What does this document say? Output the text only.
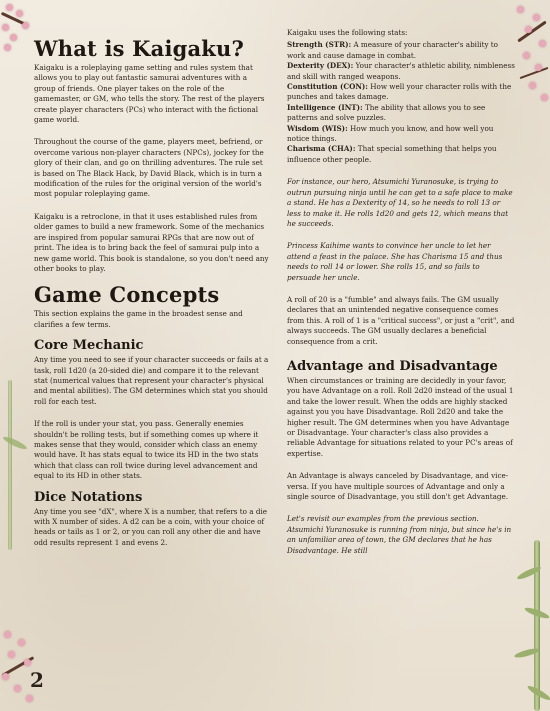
What is Kaigaku?

Kaigaku is a roleplaying game setting and rules system that allows you to play out fantastic samurai adventures with a group of friends. One player takes on the role of the gamemaster, or GM, who tells the story. The rest of the players create player characters (PCs) who interact with the fictional game world.

Throughout the course of the game, players meet, befriend, or overcome various non-player characters (NPCs), jockey for the glory of their clan, and go on thrilling adventures. The rule set is based on The Black Hack, by David Black, which is in turn a modification of the rules for the original version of the world's most popular roleplaying game.

Kaigaku is a retroclone, in that it uses established rules from older games to build a new framework. Some of the mechanics are inspired from popular samurai RPGs that are now out of print. The idea is to bring back the feel of samurai pulp into a new game world. This book is standalone, so you don't need any other books to play.

Game Concepts

This section explains the game in the broadest sense and clarifies a few terms.

Core Mechanic

Any time you need to see if your character succeeds or fails at a task, roll 1d20 (a 20-sided die) and compare it to the relevant stat (numerical values that represent your character's physical and mental abilities). The GM determines which stat you should roll for each test.

If the roll is under your stat, you pass. Generally enemies shouldn't be rolling tests, but if something comes up where it makes sense that they would, consider which class an enemy would have. It has stats equal to twice its HD in the two stats which that class can roll twice during level advancement and equal to its HD in other stats.

Dice Notations

Any time you see "dX", where X is a number, that refers to a die with X number of sides. A d2 can be a coin, with your choice of heads or tails as 1 or 2, or you can roll any other die and have odd results represent 1 and evens 2.

Kaigaku uses the following stats:

Strength (STR): A measure of your character's ability to work and cause damage in combat.

Dexterity (DEX): Your character's athletic ability, nimbleness and skill with ranged weapons.

Constitution (CON): How well your character rolls with the punches and takes damage.

Intelligence (INT): The ability that allows you to see patterns and solve puzzles.

Wisdom (WIS): How much you know, and how well you notice things.

Charisma (CHA): That special something that helps you influence other people.

For instance, our hero, Atsumichi Yuranosuke, is trying to outrun pursuing ninja until he can get to a safe place to make a stand. He has a Dexterity of 14, so he needs to roll 13 or less to make it. He rolls 1d20 and gets 12, which means that he succeeds.

Princess Kaihime wants to convince her uncle to let her attend a feast in the palace. She has Charisma 15 and thus needs to roll 14 or lower. She rolls 15, and so fails to persuade her uncle.

A roll of 20 is a "fumble" and always fails. The GM usually declares that an unintended negative consequence comes from this. A roll of 1 is a "critical success", or just a "crit", and always succeeds. The GM usually declares a beneficial consequence from a crit.

Advantage and Disadvantage

When circumstances or training are decidedly in your favor, you have Advantage on a roll. Roll 2d20 instead of the usual 1 and take the lower result. When the odds are highly stacked against you you have Disadvantage. Roll 2d20 and take the higher result. The GM determines when you have Advantage or Disadvantage. Your character's class also provides a reliable Advantage for situations related to your PC's areas of expertise.

An Advantage is always canceled by Disadvantage, and vice-versa. If you have multiple sources of Advantage and only a single source of Disadvantage, you still don't get Advantage.

Let's revisit our examples from the previous section. Atsumichi Yuranosuke is running from ninja, but since he's in an unfamiliar area of town, the GM declares that he has Disadvantage. He still

2
